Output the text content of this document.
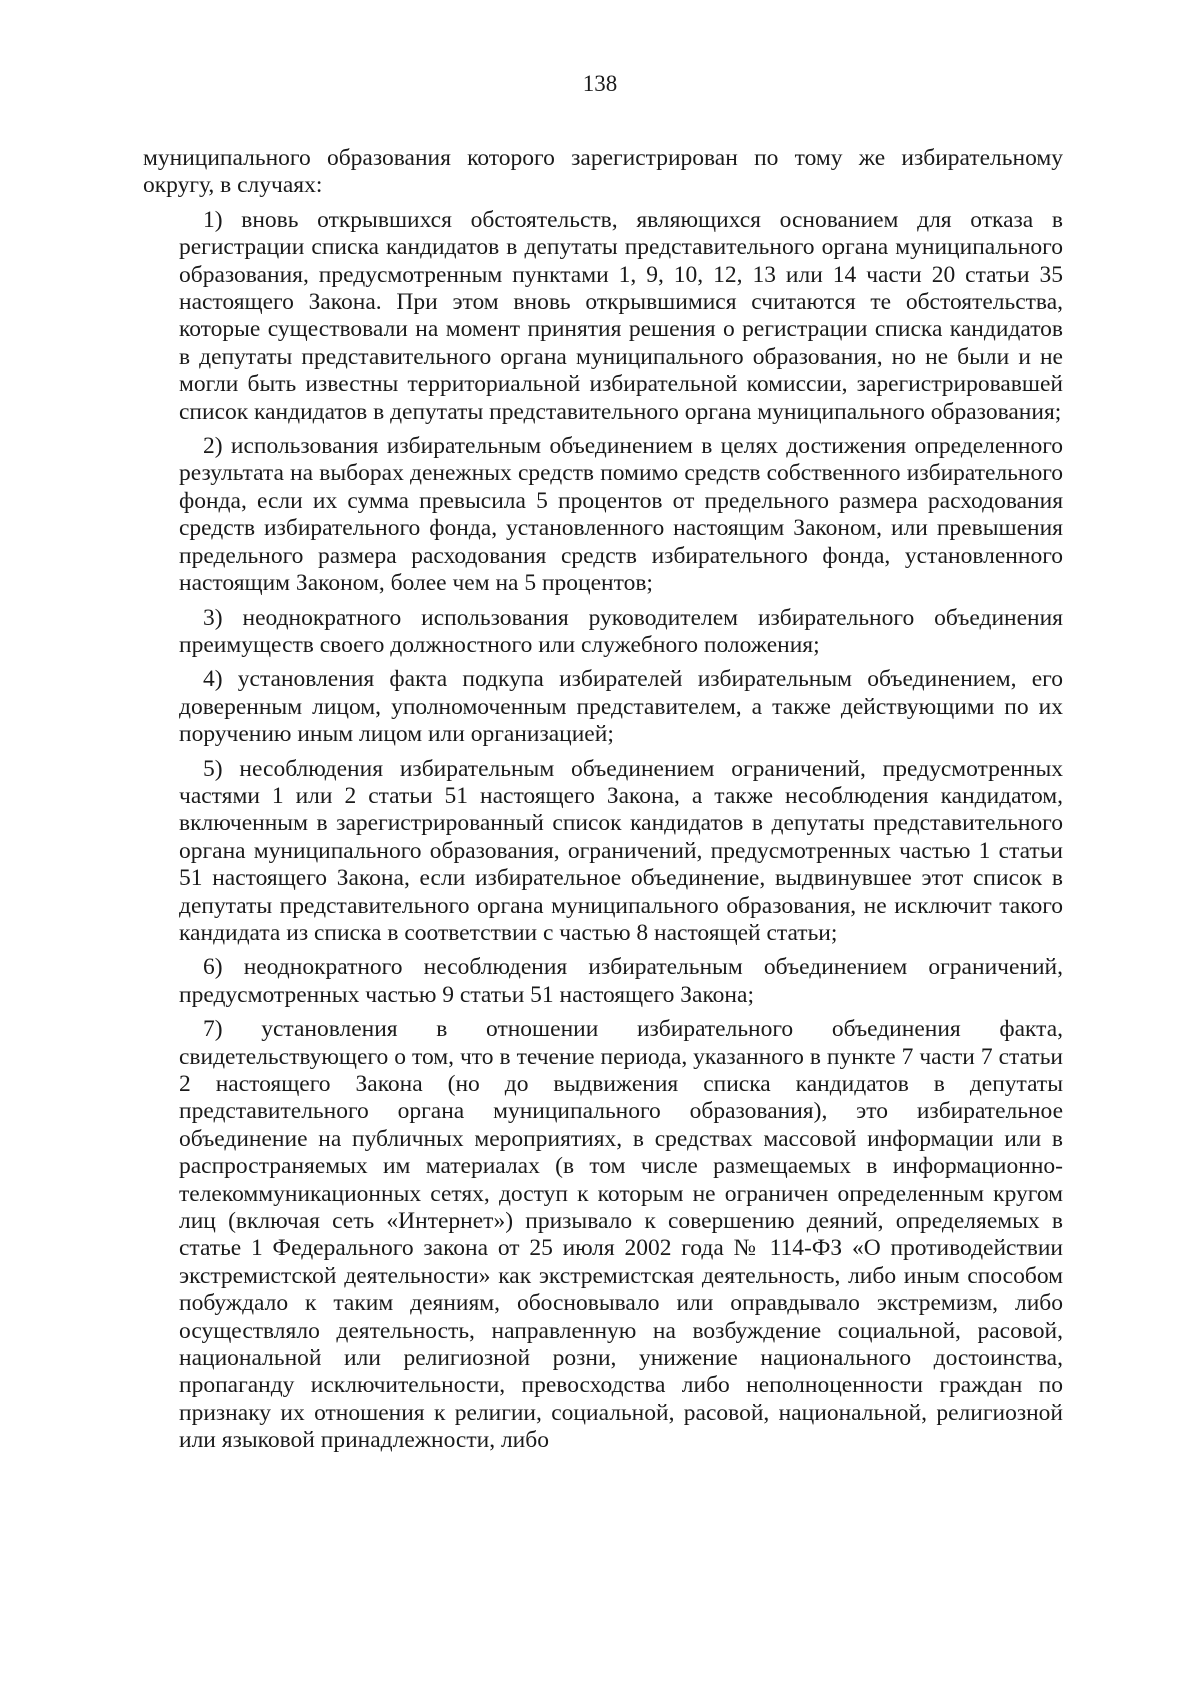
138

муниципального образования которого зарегистрирован по тому же избирательному округу, в случаях:

1) вновь открывшихся обстоятельств, являющихся основанием для отказа в регистрации списка кандидатов в депутаты представительного органа муниципального образования, предусмотренным пунктами 1, 9, 10, 12, 13 или 14 части 20 статьи 35 настоящего Закона. При этом вновь открывшимися считаются те обстоятельства, которые существовали на момент принятия решения о регистрации списка кандидатов в депутаты представительного органа муниципального образования, но не были и не могли быть известны территориальной избирательной комиссии, зарегистрировавшей список кандидатов в депутаты представительного органа муниципального образования;

2) использования избирательным объединением в целях достижения определенного результата на выборах денежных средств помимо средств собственного избирательного фонда, если их сумма превысила 5 процентов от предельного размера расходования средств избирательного фонда, установленного настоящим Законом, или превышения предельного размера расходования средств избирательного фонда, установленного настоящим Законом, более чем на 5 процентов;

3) неоднократного использования руководителем избирательного объединения преимуществ своего должностного или служебного положения;

4) установления факта подкупа избирателей избирательным объединением, его доверенным лицом, уполномоченным представителем, а также действующими по их поручению иным лицом или организацией;

5) несоблюдения избирательным объединением ограничений, предусмотренных частями 1 или 2 статьи 51 настоящего Закона, а также несоблюдения кандидатом, включенным в зарегистрированный список кандидатов в депутаты представительного органа муниципального образования, ограничений, предусмотренных частью 1 статьи 51 настоящего Закона, если избирательное объединение, выдвинувшее этот список в депутаты представительного органа муниципального образования, не исключит такого кандидата из списка в соответствии с частью 8 настоящей статьи;

6) неоднократного несоблюдения избирательным объединением ограничений, предусмотренных частью 9 статьи 51 настоящего Закона;

7) установления в отношении избирательного объединения факта, свидетельствующего о том, что в течение периода, указанного в пункте 7 части 7 статьи 2 настоящего Закона (но до выдвижения списка кандидатов в депутаты представительного органа муниципального образования), это избирательное объединение на публичных мероприятиях, в средствах массовой информации или в распространяемых им материалах (в том числе размещаемых в информационно-телекоммуникационных сетях, доступ к которым не ограничен определенным кругом лиц (включая сеть «Интернет») призывало к совершению деяний, определяемых в статье 1 Федерального закона от 25 июля 2002 года № 114-ФЗ «О противодействии экстремистской деятельности» как экстремистская деятельность, либо иным способом побуждало к таким деяниям, обосновывало или оправдывало экстремизм, либо осуществляло деятельность, направленную на возбуждение социальной, расовой, национальной или религиозной розни, унижение национального достоинства, пропаганду исключительности, превосходства либо неполноценности граждан по признаку их отношения к религии, социальной, расовой, национальной, религиозной или языковой принадлежности, либо
